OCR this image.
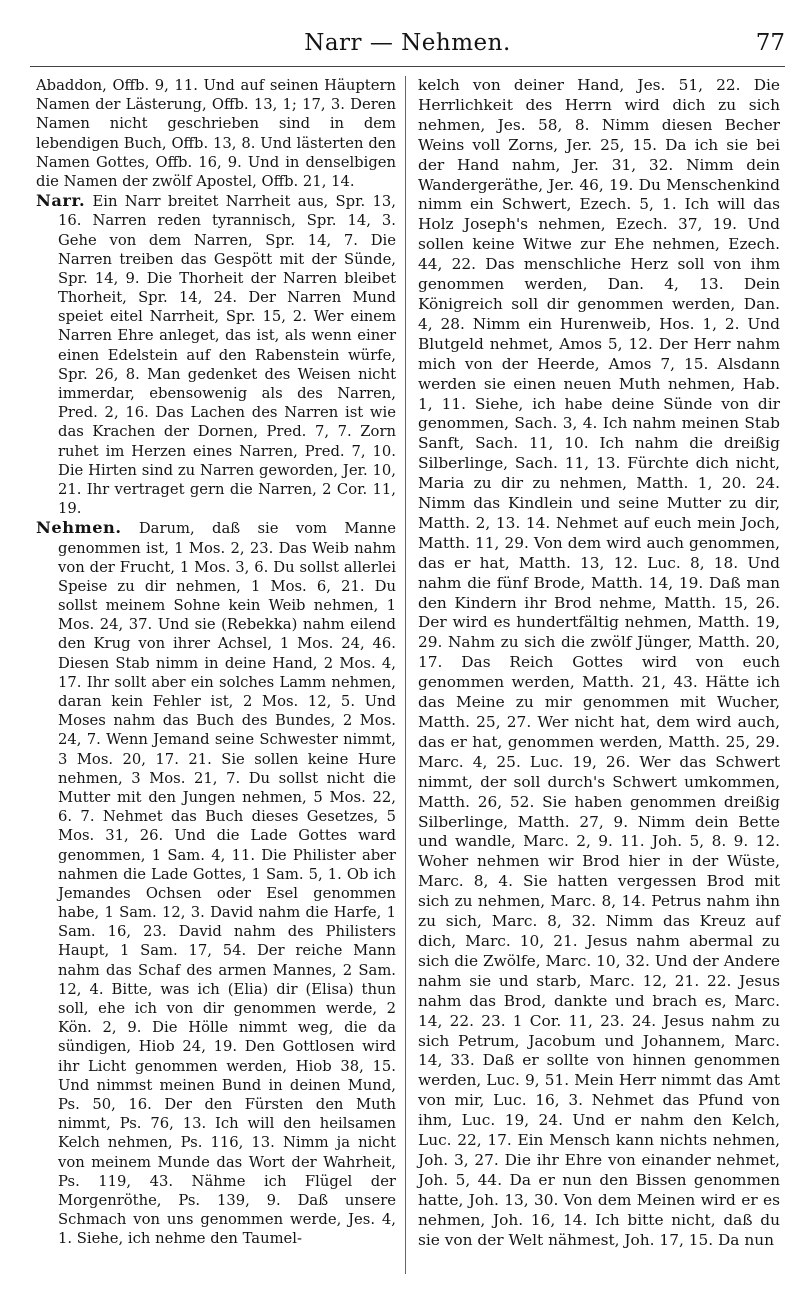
Narr — Nehmen.	77

Abaddon, Offb. 9, 11. Und auf seinen Häuptern Namen der Lästerung, Offb. 13, 1; 17, 3. Deren Namen nicht geschrieben sind in dem lebendigen Buch, Offb. 13, 8. Und lästerten den Namen Gottes, Offb. 16, 9. Und in denselbigen die Namen der zwölf Apostel, Offb. 21, 14.

Narr. Ein Narr breitet Narrheit aus, Spr. 13, 16. Narren reden tyrannisch, Spr. 14, 3. Gehe von dem Narren, Spr. 14, 7. Die Narren treiben das Gespött mit der Sünde, Spr. 14, 9. Die Thorheit der Narren bleibet Thorheit, Spr. 14, 24. Der Narren Mund speiet eitel Narrheit, Spr. 15, 2. Wer einem Narren Ehre anleget, das ist, als wenn einer einen Edelstein auf den Rabenstein würfe, Spr. 26, 8. Man gedenket des Weisen nicht immerdar, ebensowenig als des Narren, Pred. 2, 16. Das Lachen des Narren ist wie das Krachen der Dornen, Pred. 7, 7. Zorn ruhet im Herzen eines Narren, Pred. 7, 10. Die Hirten sind zu Narren geworden, Jer. 10, 21. Ihr vertraget gern die Narren, 2 Cor. 11, 19.

Nehmen. Darum, daß sie vom Manne genommen ist, 1 Mos. 2, 23. Das Weib nahm von der Frucht, 1 Mos. 3, 6. Du sollst allerlei Speise zu dir nehmen, 1 Mos. 6, 21. Du sollst meinem Sohne kein Weib nehmen, 1 Mos. 24, 37. Und sie (Rebekka) nahm eilend den Krug von ihrer Achsel, 1 Mos. 24, 46. Diesen Stab nimm in deine Hand, 2 Mos. 4, 17. Ihr sollt aber ein solches Lamm nehmen, daran kein Fehler ist, 2 Mos. 12, 5. Und Moses nahm das Buch des Bundes, 2 Mos. 24, 7. Wenn Jemand seine Schwester nimmt, 3 Mos. 20, 17. 21. Sie sollen keine Hure nehmen, 3 Mos. 21, 7. Du sollst nicht die Mutter mit den Jungen nehmen, 5 Mos. 22, 6. 7. Nehmet das Buch dieses Gesetzes, 5 Mos. 31, 26. Und die Lade Gottes ward genommen, 1 Sam. 4, 11. Die Philister aber nahmen die Lade Gottes, 1 Sam. 5, 1. Ob ich Jemandes Ochsen oder Esel genommen habe, 1 Sam. 12, 3. David nahm die Harfe, 1 Sam. 16, 23. David nahm des Philisters Haupt, 1 Sam. 17, 54. Der reiche Mann nahm das Schaf des armen Mannes, 2 Sam. 12, 4. Bitte, was ich (Elia) dir (Elisa) thun soll, ehe ich von dir genommen werde, 2 Kön. 2, 9. Die Hölle nimmt weg, die da sündigen, Hiob 24, 19. Den Gottlosen wird ihr Licht genommen werden, Hiob 38, 15. Und nimmst meinen Bund in deinen Mund, Ps. 50, 16. Der den Fürsten den Muth nimmt, Ps. 76, 13. Ich will den heilsamen Kelch nehmen, Ps. 116, 13. Nimm ja nicht von meinem Munde das Wort der Wahrheit, Ps. 119, 43. Nähme ich Flügel der Morgenröthe, Ps. 139, 9. Daß unsere Schmach von uns genommen werde, Jes. 4, 1. Siehe, ich nehme den Taumel-

kelch von deiner Hand, Jes. 51, 22. Die Herrlichkeit des Herrn wird dich zu sich nehmen, Jes. 58, 8. Nimm diesen Becher Weins voll Zorns, Jer. 25, 15. Da ich sie bei der Hand nahm, Jer. 31, 32. Nimm dein Wandergeräthe, Jer. 46, 19. Du Menschenkind nimm ein Schwert, Ezech. 5, 1. Ich will das Holz Joseph's nehmen, Ezech. 37, 19. Und sollen keine Witwe zur Ehe nehmen, Ezech. 44, 22. Das menschliche Herz soll von ihm genommen werden, Dan. 4, 13. Dein Königreich soll dir genommen werden, Dan. 4, 28. Nimm ein Hurenweib, Hos. 1, 2. Und Blutgeld nehmet, Amos 5, 12. Der Herr nahm mich von der Heerde, Amos 7, 15. Alsdann werden sie einen neuen Muth nehmen, Hab. 1, 11. Siehe, ich habe deine Sünde von dir genommen, Sach. 3, 4. Ich nahm meinen Stab Sanft, Sach. 11, 10. Ich nahm die dreißig Silberlinge, Sach. 11, 13. Fürchte dich nicht, Maria zu dir zu nehmen, Matth. 1, 20. 24. Nimm das Kindlein und seine Mutter zu dir, Matth. 2, 13. 14. Nehmet auf euch mein Joch, Matth. 11, 29. Von dem wird auch genommen, das er hat, Matth. 13, 12. Luc. 8, 18. Und nahm die fünf Brode, Matth. 14, 19. Daß man den Kindern ihr Brod nehme, Matth. 15, 26. Der wird es hundertfältig nehmen, Matth. 19, 29. Nahm zu sich die zwölf Jünger, Matth. 20, 17. Das Reich Gottes wird von euch genommen werden, Matth. 21, 43. Hätte ich das Meine zu mir genommen mit Wucher, Matth. 25, 27. Wer nicht hat, dem wird auch, das er hat, genommen werden, Matth. 25, 29. Marc. 4, 25. Luc. 19, 26. Wer das Schwert nimmt, der soll durch's Schwert umkommen, Matth. 26, 52. Sie haben genommen dreißig Silberlinge, Matth. 27, 9. Nimm dein Bette und wandle, Marc. 2, 9. 11. Joh. 5, 8. 9. 12. Woher nehmen wir Brod hier in der Wüste, Marc. 8, 4. Sie hatten vergessen Brod mit sich zu nehmen, Marc. 8, 14. Petrus nahm ihn zu sich, Marc. 8, 32. Nimm das Kreuz auf dich, Marc. 10, 21. Jesus nahm abermal zu sich die Zwölfe, Marc. 10, 32. Und der Andere nahm sie und starb, Marc. 12, 21. 22. Jesus nahm das Brod, dankte und brach es, Marc. 14, 22. 23. 1 Cor. 11, 23. 24. Jesus nahm zu sich Petrum, Jacobum und Johannem, Marc. 14, 33. Daß er sollte von hinnen genommen werden, Luc. 9, 51. Mein Herr nimmt das Amt von mir, Luc. 16, 3. Nehmet das Pfund von ihm, Luc. 19, 24. Und er nahm den Kelch, Luc. 22, 17. Ein Mensch kann nichts nehmen, Joh. 3, 27. Die ihr Ehre von einander nehmet, Joh. 5, 44. Da er nun den Bissen genommen hatte, Joh. 13, 30. Von dem Meinen wird er es nehmen, Joh. 16, 14. Ich bitte nicht, daß du sie von der Welt nähmest, Joh. 17, 15. Da nun
